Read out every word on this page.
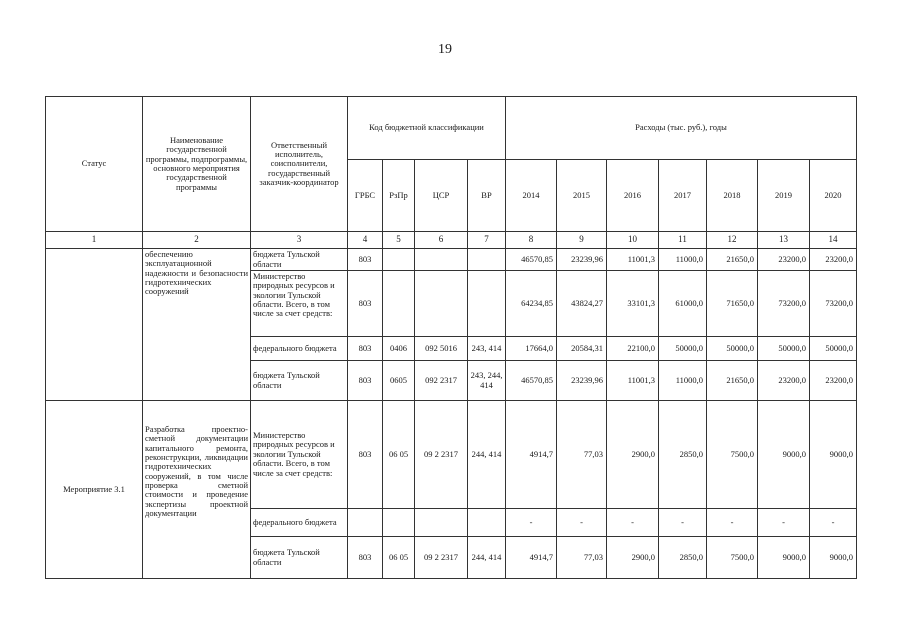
19
Статус	Наименование государственной программы, подпрограммы, основного мероприятия государственной программы	Ответственный исполнитель, соисполнители, государственный заказчик-координатор	Код бюджетной классификации				Расходы (тыс. руб.), годы						
			ГРБС	РзПр	ЦСР	ВР	2014	2015	2016	2017	2018	2019	2020
1	2	3	4	5	6	7	8	9	10	11	12	13	14
	обеспечению эксплуатационной надежности и безопасности гидротехнических сооружений	бюджета Тульской области	803				46570,85	23239,96	11001,3	11000,0	21650,0	23200,0	23200,0
		Министерство природных ресурсов и экологии Тульской области. Всего, в том числе за счет средств:	803				64234,85	43824,27	33101,3	61000,0	71650,0	73200,0	73200,0
		федерального бюджета	803	0406	092 5016	243, 414	17664,0	20584,31	22100,0	50000,0	50000,0	50000,0	50000,0
		бюджета Тульской области	803	0605	092 2317	243, 244, 414	46570,85	23239,96	11001,3	11000,0	21650,0	23200,0	23200,0
Мероприятие 3.1	Разработка проектно-сметной документации капитального ремонта, реконструкции, ликвидации гидротехнических сооружений, в том числе проверка сметной стоимости и проведение экспертизы проектной документации	Министерство природных ресурсов и экологии Тульской области. Всего, в том числе за счет средств:	803	06 05	09 2 2317	244, 414	4914,7	77,03	2900,0	2850,0	7500,0	9000,0	9000,0
		федерального бюджета					-	-	-	-	-	-	-
		бюджета Тульской области	803	06 05	09 2 2317	244, 414	4914,7	77,03	2900,0	2850,0	7500,0	9000,0	9000,0
